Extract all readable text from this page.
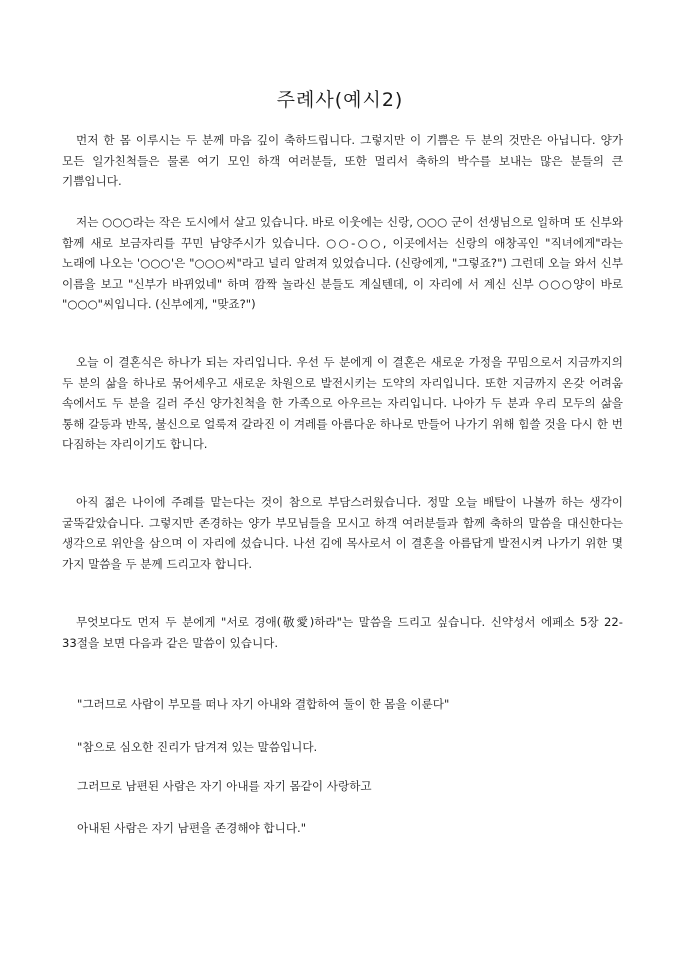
주례사(예시2)

먼저 한 몸 이루시는 두 분께 마음 깊이 축하드립니다. 그렇지만 이 기쁨은 두 분의 것만은 아닙니다. 양가 모든 일가친척들은 물론 여기 모인 하객 여러분들, 또한 멀리서 축하의 박수를 보내는 많은 분들의 큰 기쁨입니다.

저는 ○○○라는 작은 도시에서 살고 있습니다. 바로 이웃에는 신랑, ○○○ 군이 선생님으로 일하며 또 신부와 함께 새로 보금자리를 꾸민 남양주시가 있습니다. ○○-○○, 이곳에서는 신랑의 애창곡인 "직녀에게"라는 노래에 나오는 '○○○'은 "○○○씨"라고 널리 알려져 있었습니다. (신랑에게, "그렇죠?") 그런데 오늘 와서 신부 이름을 보고 "신부가 바뀌었네" 하며 깜짝 놀라신 분들도 계실텐데, 이 자리에 서 계신 신부 ○○○양이 바로 "○○○"씨입니다. (신부에게, "맞죠?")

오늘 이 결혼식은 하나가 되는 자리입니다. 우선 두 분에게 이 결혼은 새로운 가정을 꾸밈으로서 지금까지의 두 분의 삶을 하나로 묶어세우고 새로운 차원으로 발전시키는 도약의 자리입니다. 또한 지금까지 온갖 어려움 속에서도 두 분을 길러 주신 양가친척을 한 가족으로 아우르는 자리입니다. 나아가 두 분과 우리 모두의 삶을 통해 갈등과 반목, 불신으로 얼룩져 갈라진 이 겨레를 아름다운 하나로 만들어 나가기 위해 힘쓸 것을 다시 한 번 다짐하는 자리이기도 합니다.

아직 젊은 나이에 주례를 맡는다는 것이 참으로 부담스러웠습니다. 정말 오늘 배탈이 나볼까 하는 생각이 굴뚝같았습니다. 그렇지만 존경하는 양가 부모님들을 모시고 하객 여러분들과 함께 축하의 말씀을 대신한다는 생각으로 위안을 삼으며 이 자리에 섰습니다. 나선 김에 목사로서 이 결혼을 아름답게 발전시켜 나가기 위한 몇 가지 말씀을 두 분께 드리고자 합니다.

무엇보다도 먼저 두 분에게 "서로 경애(敬愛)하라"는 말씀을 드리고 싶습니다. 신약성서 에페소 5장 22-33절을 보면 다음과 같은 말씀이 있습니다.

"그러므로 사람이 부모를 떠나 자기 아내와 결합하여 둘이 한 몸을 이룬다"

"참으로 심오한 진리가 담겨져 있는 말씀입니다.

그러므로 남편된 사람은 자기 아내를 자기 몸같이 사랑하고

아내된 사람은 자기 남편을 존경해야 합니다."
